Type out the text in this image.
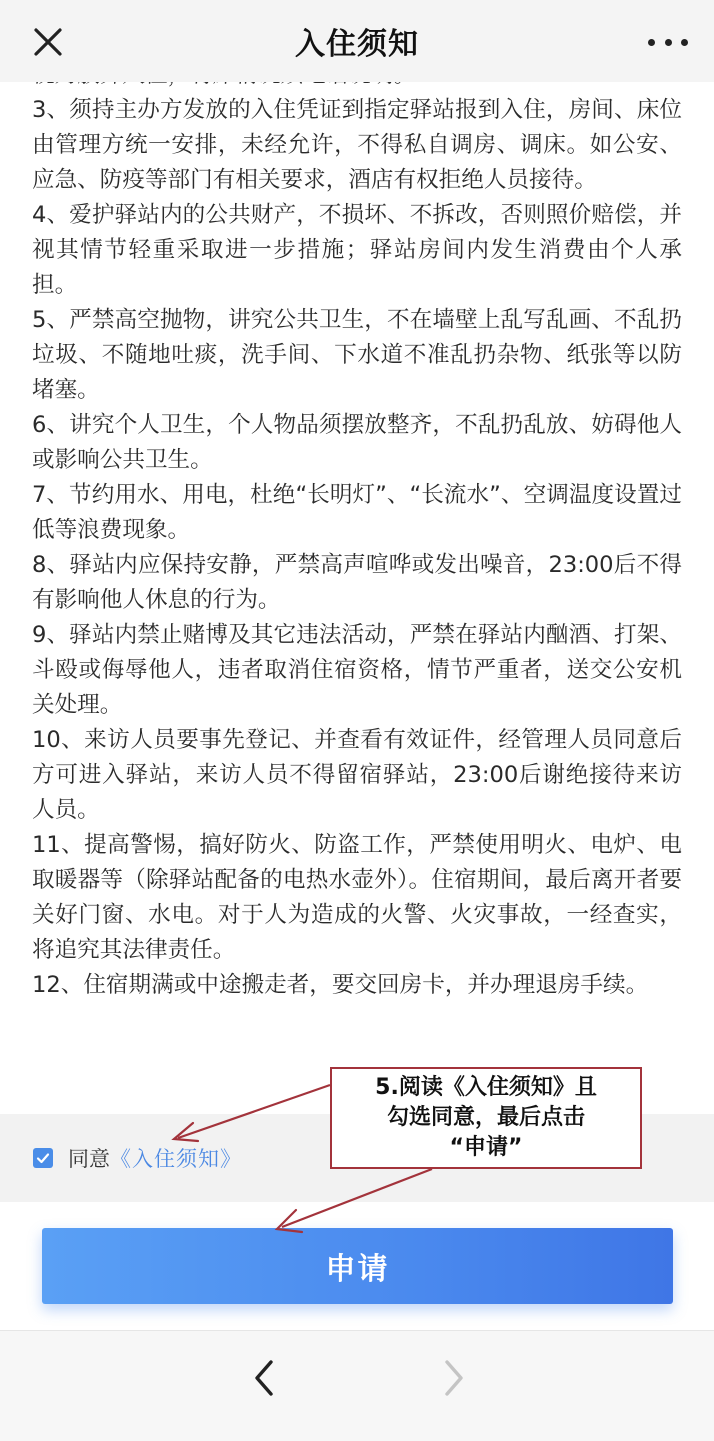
入住须知

3、须持主办方发放的入住凭证到指定驿站报到入住，房间、床位由管理方统一安排，未经允许，不得私自调房、调床。如公安、应急、防疫等部门有相关要求，酒店有权拒绝人员接待。

4、爱护驿站内的公共财产，不损坏、不拆改，否则照价赔偿，并视其情节轻重采取进一步措施；驿站房间内发生消费由个人承担。

5、严禁高空抛物，讲究公共卫生，不在墙壁上乱写乱画、不乱扔垃圾、不随地吐痰，洗手间、下水道不准乱扔杂物、纸张等以防堵塞。

6、讲究个人卫生，个人物品须摆放整齐，不乱扔乱放、妨碍他人或影响公共卫生。

7、节约用水、用电，杜绝“长明灯”、“长流水”、空调温度设置过低等浪费现象。

8、驿站内应保持安静，严禁高声喧哗或发出噪音，23:00后不得有影响他人休息的行为。

9、驿站内禁止赌博及其它违法活动，严禁在驿站内酗酒、打架、斗殴或侮辱他人，违者取消住宿资格，情节严重者，送交公安机关处理。

10、来访人员要事先登记、并查看有效证件，经管理人员同意后方可进入驿站，来访人员不得留宿驿站，23:00后谢绝接待来访人员。

11、提高警惕，搞好防火、防盗工作，严禁使用明火、电炉、电取暖器等（除驿站配备的电热水壶外）。住宿期间，最后离开者要关好门窗、水电。对于人为造成的火警、火灾事故，一经查实，将追究其法律责任。

12、住宿期满或中途搬走者，要交回房卡，并办理退房手续。

同意 《入住须知》
申请
5.阅读《入住须知》且
勾选同意，最后点击
“申请”
